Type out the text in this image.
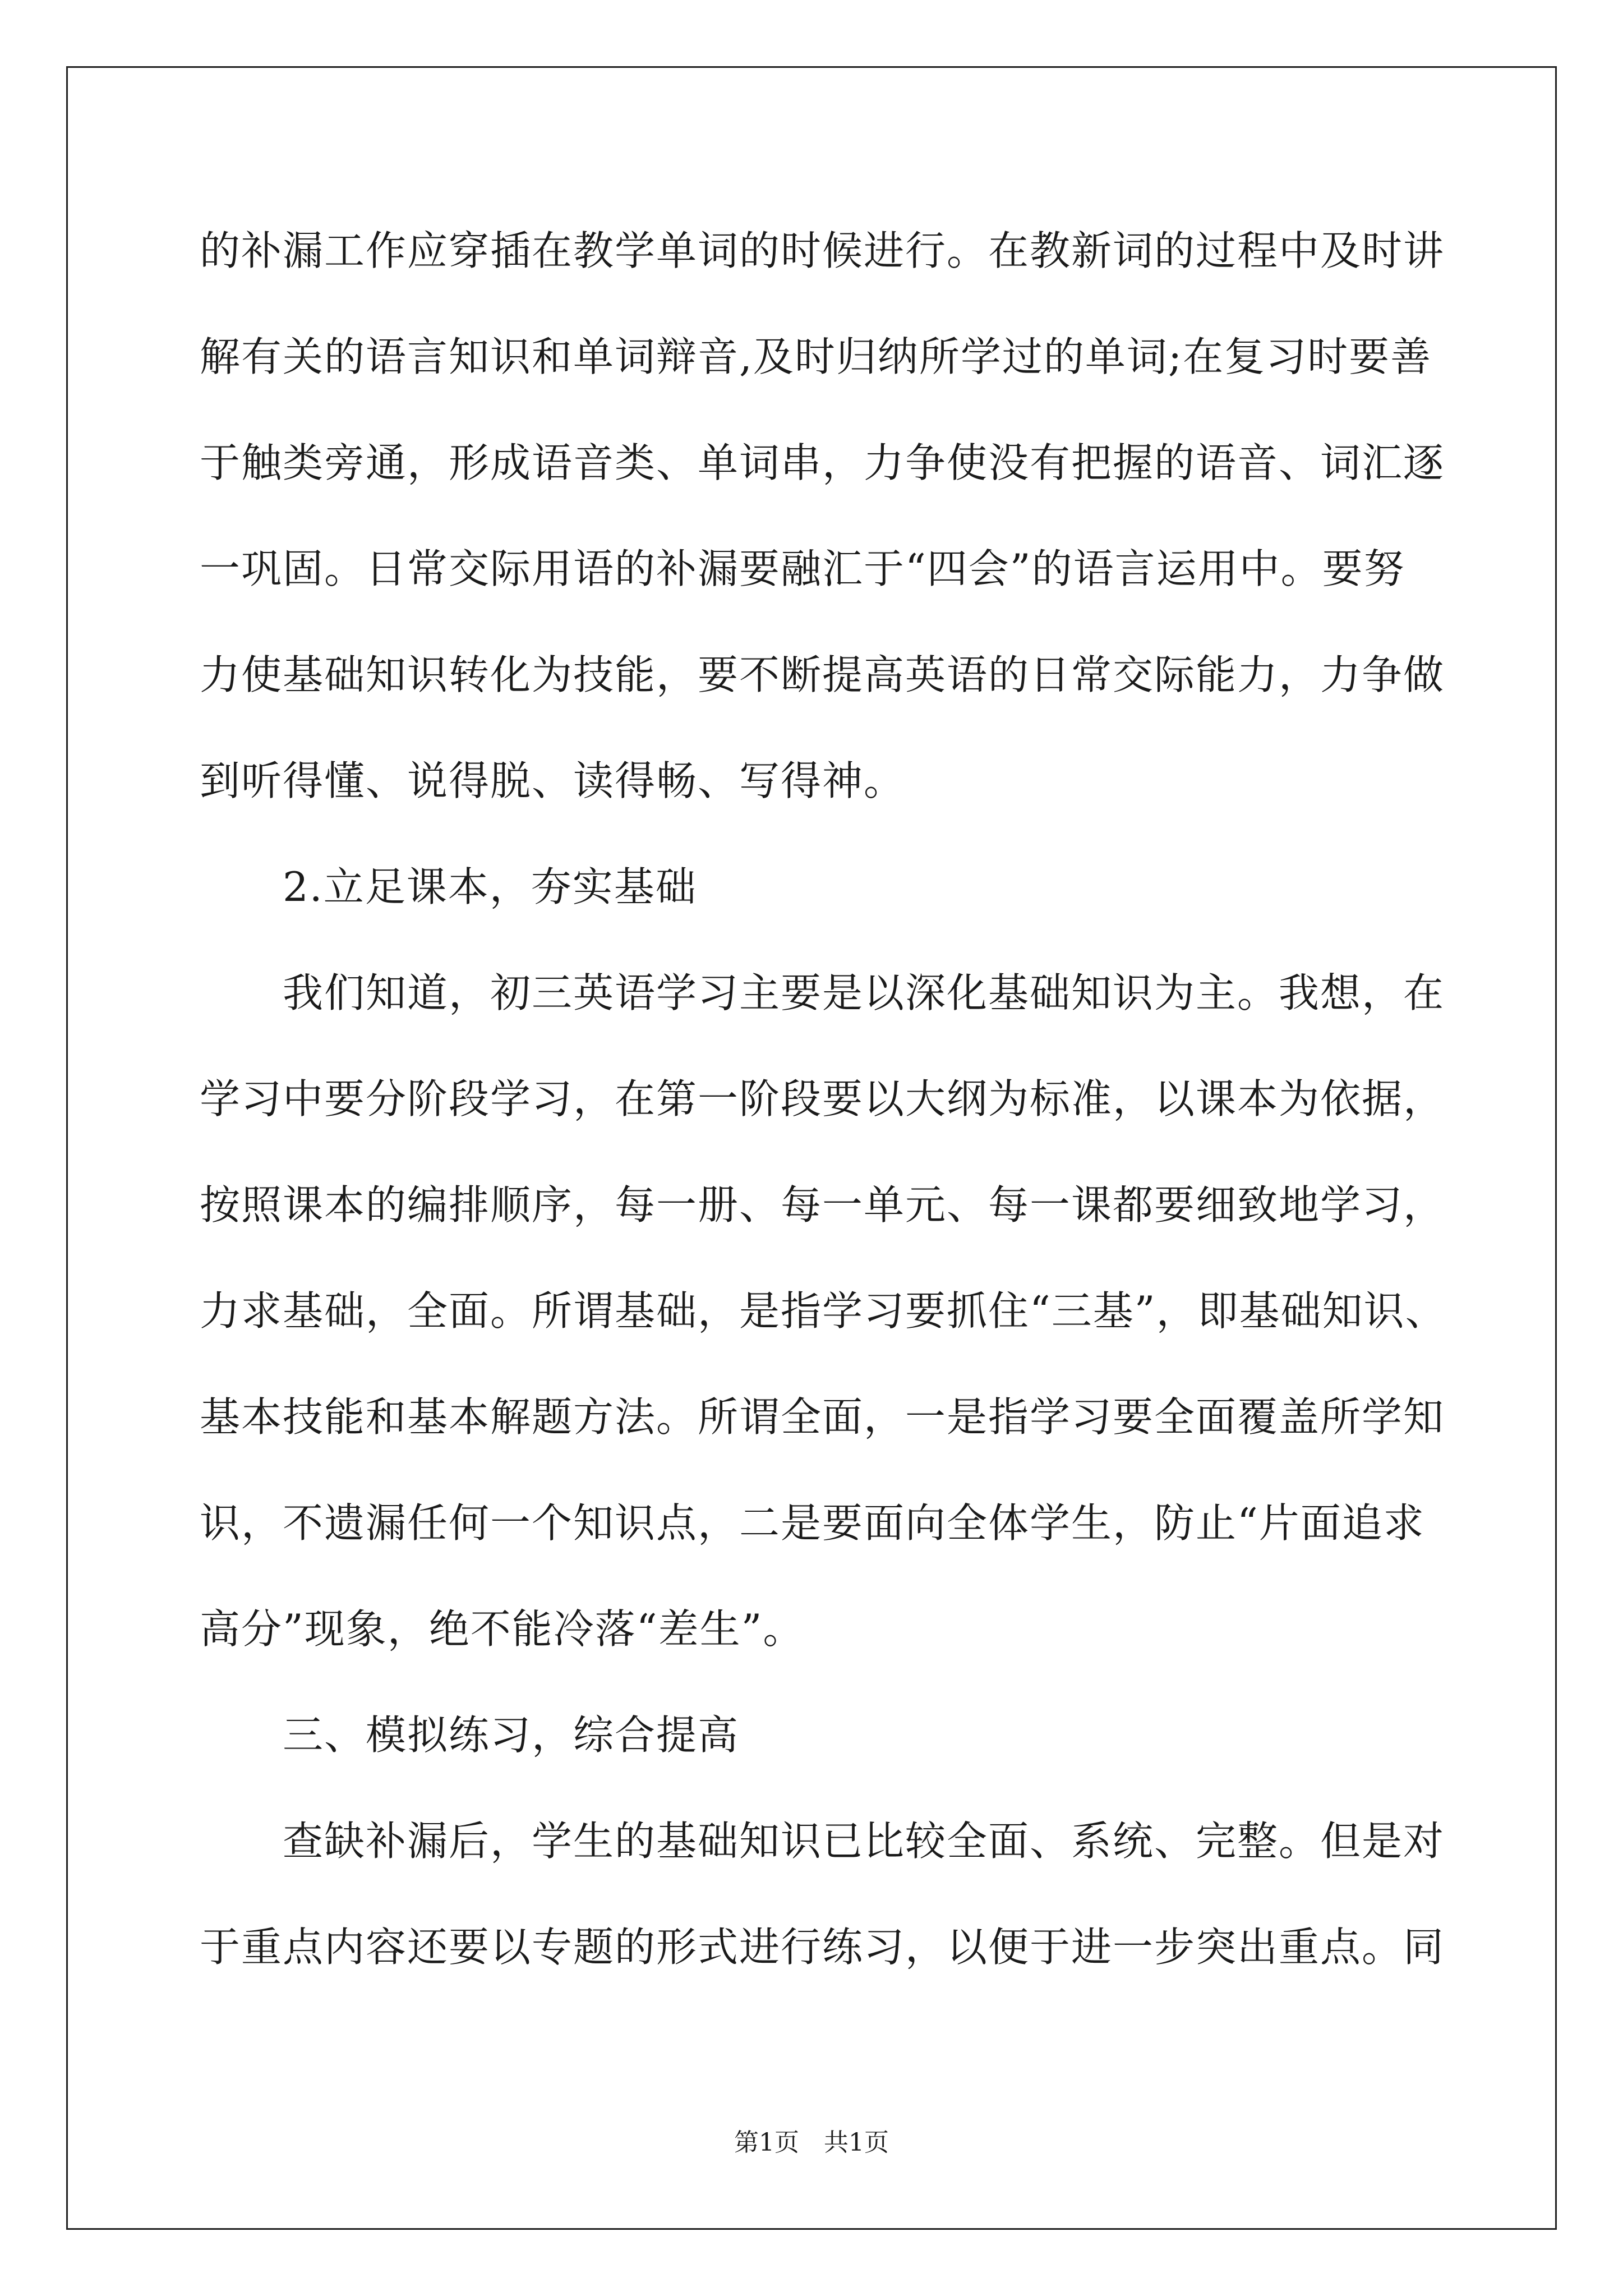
的补漏工作应穿插在教学单词的时候进行。在教新词的过程中及时讲
解有关的语言知识和单词辩音,及时归纳所学过的单词;在复习时要善
于触类旁通，形成语音类、单词串，力争使没有把握的语音、词汇逐
一巩固。日常交际用语的补漏要融汇于“四会”的语言运用中。要努
力使基础知识转化为技能，要不断提高英语的日常交际能力，力争做
到听得懂、说得脱、读得畅、写得神。
2.立足课本，夯实基础
我们知道，初三英语学习主要是以深化基础知识为主。我想，在
学习中要分阶段学习，在第一阶段要以大纲为标准，以课本为依据，
按照课本的编排顺序，每一册、每一单元、每一课都要细致地学习，
力求基础，全面。所谓基础，是指学习要抓住“三基”，即基础知识、
基本技能和基本解题方法。所谓全面，一是指学习要全面覆盖所学知
识，不遗漏任何一个知识点，二是要面向全体学生，防止“片面追求
高分”现象，绝不能冷落“差生”。
三、模拟练习，综合提高
查缺补漏后，学生的基础知识已比较全面、系统、完整。但是对
于重点内容还要以专题的形式进行练习，以便于进一步突出重点。同
第1页　共1页
